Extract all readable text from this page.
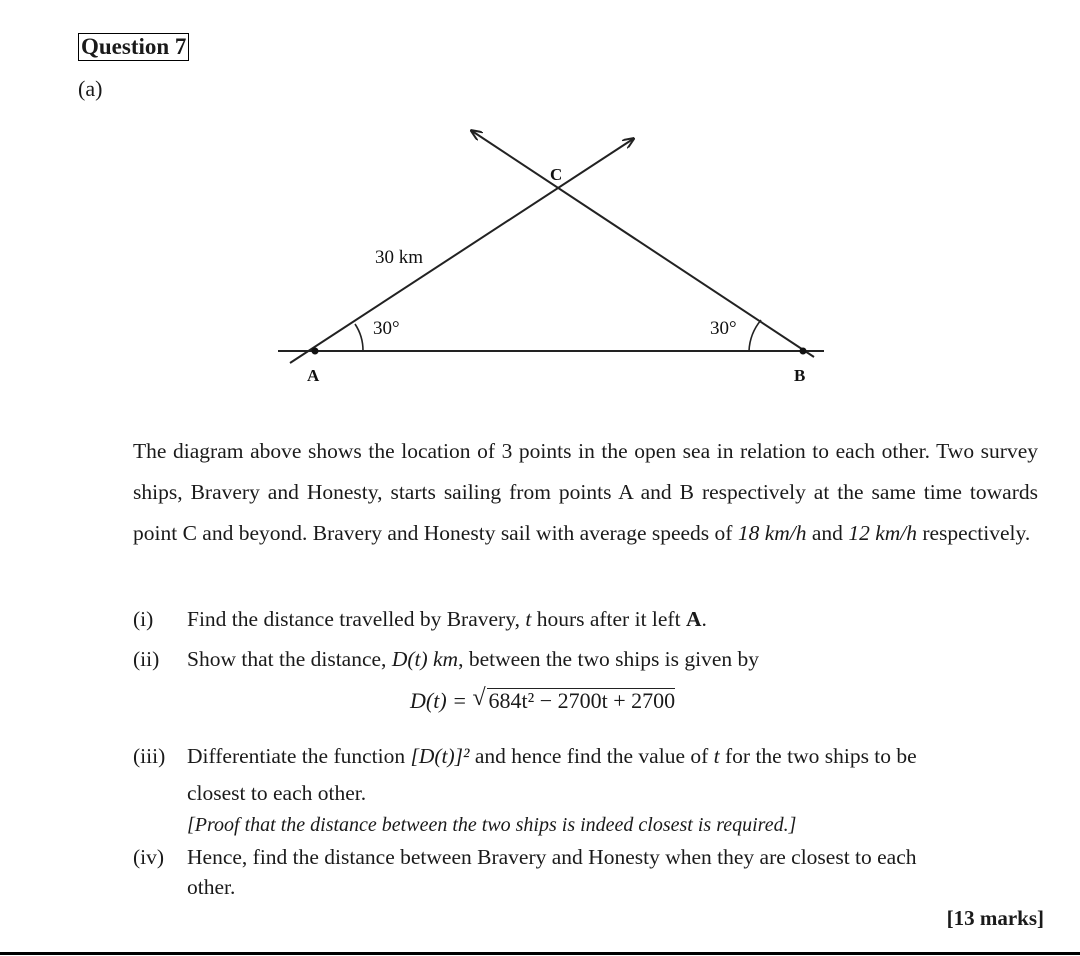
Question 7
(a)
A	B
C
30 km
30°	30°

The diagram above shows the location of 3 points in the open sea in relation to each other. Two survey ships, Bravery and Honesty, starts sailing from points A and B respectively at the same time towards point C and beyond. Bravery and Honesty sail with average speeds of 18 km/h and 12 km/h respectively.

(i) Find the distance travelled by Bravery, t hours after it left A.
(ii) Show that the distance, D(t) km, between the two ships is given by
D(t) = √ 684t² − 2700t + 2700
(iii) Differentiate the function [D(t)]² and hence find the value of t for the two ships to be
closest to each other.
[Proof that the distance between the two ships is indeed closest is required.]
(iv) Hence, find the distance between Bravery and Honesty when they are closest to each
other.
[13 marks]
